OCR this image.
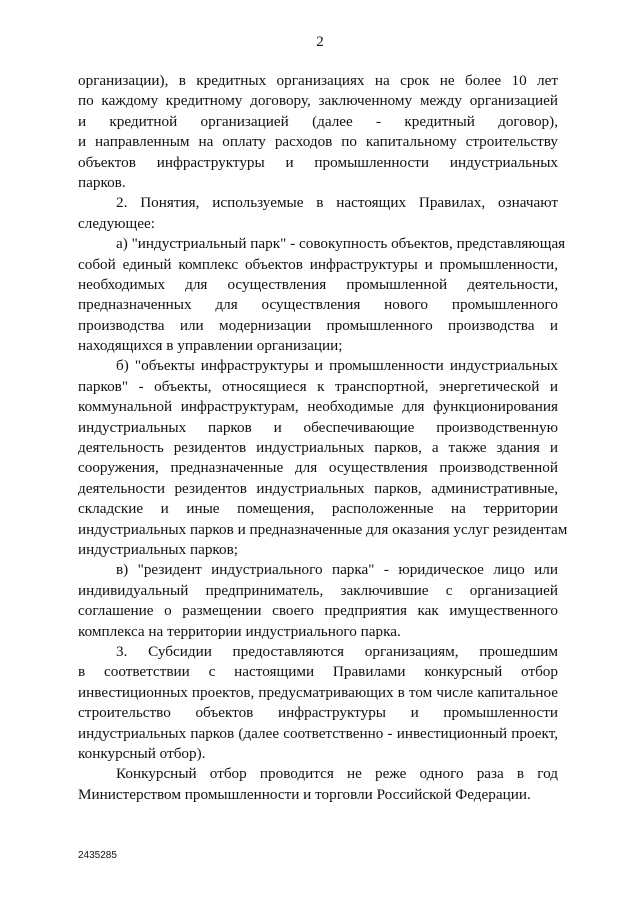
2
организации), в кредитных организациях на срок не более 10 лет
по каждому кредитному договору, заключенному между организацией
и кредитной организацией (далее - кредитный договор),
и направленным на оплату расходов по капитальному строительству
объектов инфраструктуры и промышленности индустриальных
парков.
2. Понятия, используемые в настоящих Правилах, означают
следующее:
а) "индустриальный парк" - совокупность объектов, представляющая
собой единый комплекс объектов инфраструктуры и промышленности,
необходимых для осуществления промышленной деятельности,
предназначенных для осуществления нового промышленного
производства или модернизации промышленного производства и
находящихся в управлении организации;
б) "объекты инфраструктуры и промышленности индустриальных
парков" - объекты, относящиеся к транспортной, энергетической и
коммунальной инфраструктурам, необходимые для функционирования
индустриальных парков и обеспечивающие производственную
деятельность резидентов индустриальных парков, а также здания и
сооружения, предназначенные для осуществления производственной
деятельности резидентов индустриальных парков, административные,
складские и иные помещения, расположенные на территории
индустриальных парков и предназначенные для оказания услуг резидентам
индустриальных парков;
в) "резидент индустриального парка" - юридическое лицо или
индивидуальный предприниматель, заключившие с организацией
соглашение о размещении своего предприятия как имущественного
комплекса на территории индустриального парка.
3. Субсидии предоставляются организациям, прошедшим
в соответствии с настоящими Правилами конкурсный отбор
инвестиционных проектов, предусматривающих в том числе капитальное
строительство объектов инфраструктуры и промышленности
индустриальных парков (далее соответственно - инвестиционный проект,
конкурсный отбор).
Конкурсный отбор проводится не реже одного раза в год
Министерством промышленности и торговли Российской Федерации.
2435285
